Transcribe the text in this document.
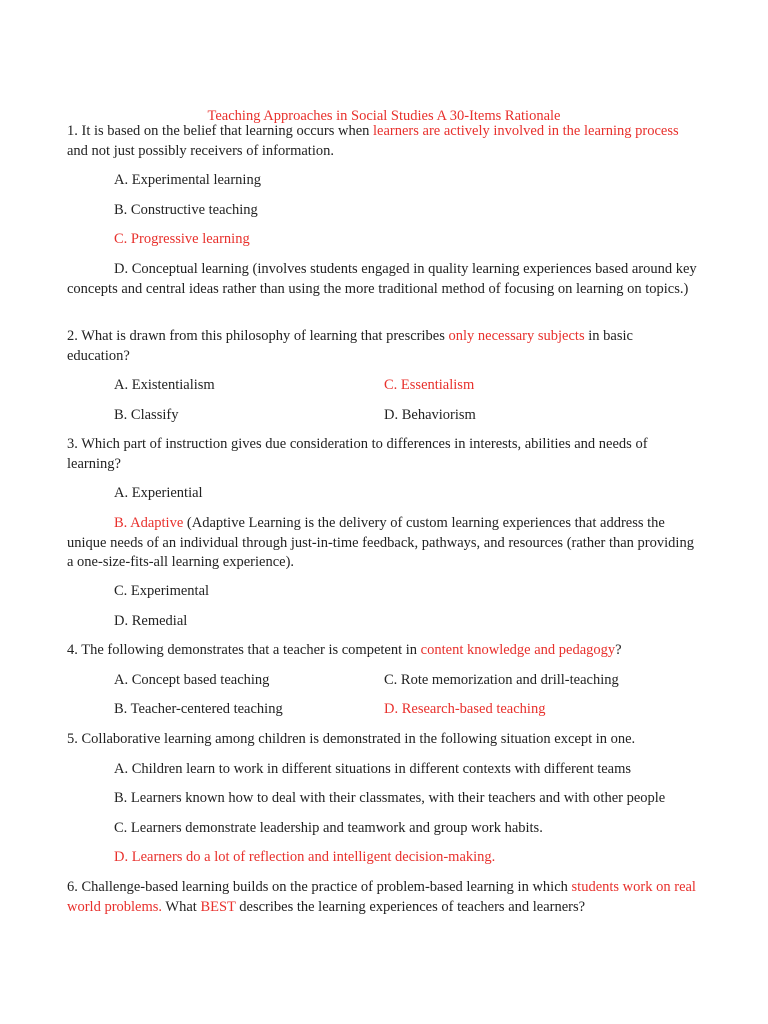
Teaching Approaches in Social Studies A 30-Items Rationale

1. It is based on the belief that learning occurs when learners are actively involved in the learning process and not just possibly receivers of information.

A. Experimental learning

B. Constructive teaching

C. Progressive learning

D. Conceptual learning (involves students engaged in quality learning experiences based around key concepts and central ideas rather than using the more traditional method of focusing on learning on topics.)

2. What is drawn from this philosophy of learning that prescribes only necessary subjects in basic education?

A. Existentialism	C. Essentialism

B. Classify	D. Behaviorism

3. Which part of instruction gives due consideration to differences in interests, abilities and needs of learning?

A. Experiential

B. Adaptive (Adaptive Learning is the delivery of custom learning experiences that address the unique needs of an individual through just-in-time feedback, pathways, and resources (rather than providing a one-size-fits-all learning experience).

C. Experimental

D. Remedial

4. The following demonstrates that a teacher is competent in content knowledge and pedagogy?

A. Concept based teaching	C. Rote memorization and drill-teaching

B. Teacher-centered teaching	D. Research-based teaching

5. Collaborative learning among children is demonstrated in the following situation except in one.

A. Children learn to work in different situations in different contexts with different teams

B. Learners known how to deal with their classmates, with their teachers and with other people

C. Learners demonstrate leadership and teamwork and group work habits.

D. Learners do a lot of reflection and intelligent decision-making.

6. Challenge-based learning builds on the practice of problem-based learning in which students work on real world problems. What BEST describes the learning experiences of teachers and learners?
